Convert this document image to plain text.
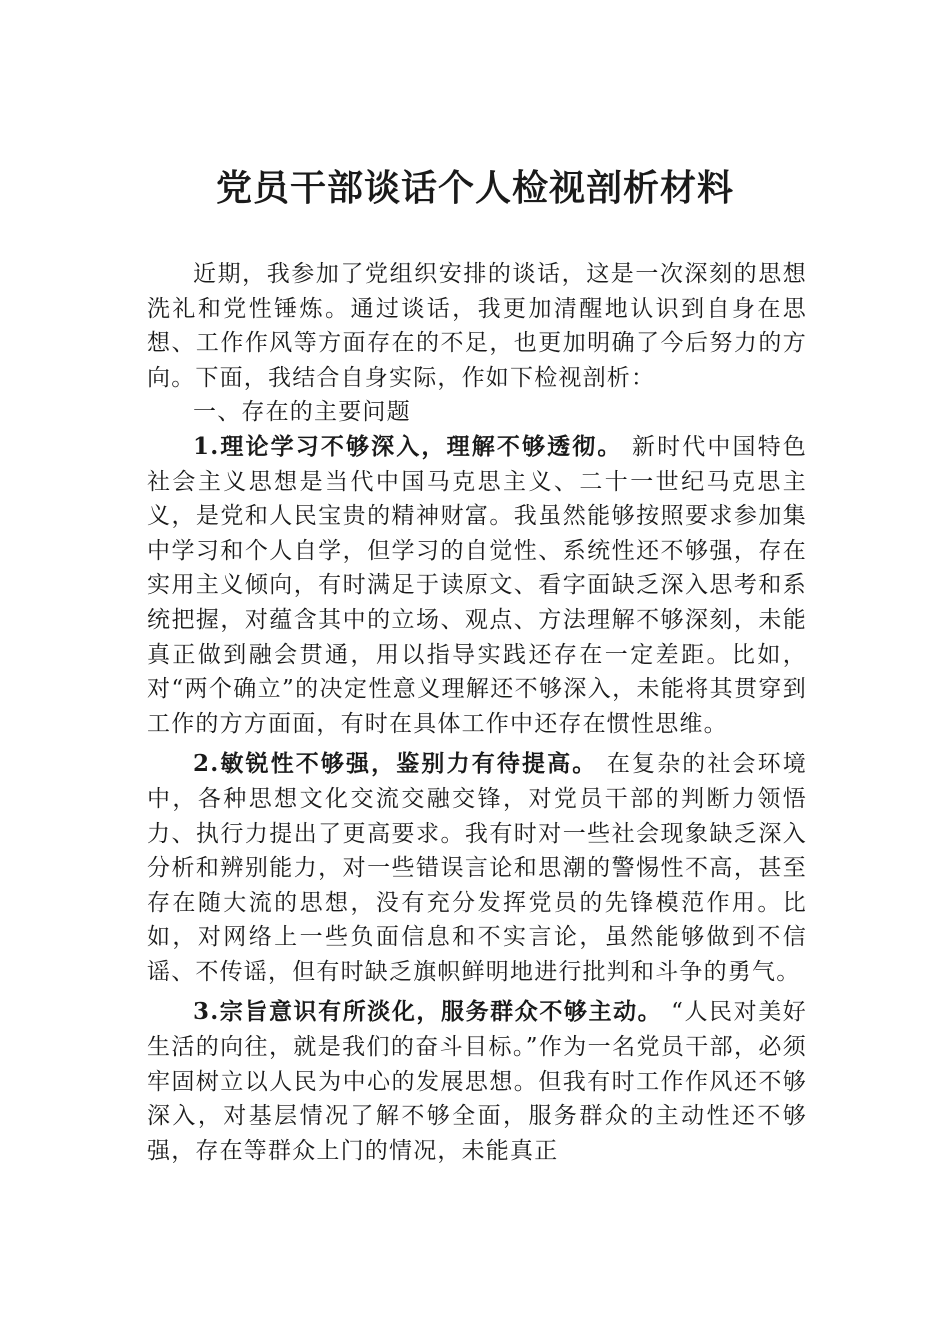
党员干部谈话个人检视剖析材料

近期，我参加了党组织安排的谈话，这是一次深刻的思想洗礼和党性锤炼。通过谈话，我更加清醒地认识到自身在思想、工作作风等方面存在的不足，也更加明确了今后努力的方向。下面，我结合自身实际，作如下检视剖析：

一、存在的主要问题

1.理论学习不够深入，理解不够透彻。 新时代中国特色社会主义思想是当代中国马克思主义、二十一世纪马克思主义，是党和人民宝贵的精神财富。我虽然能够按照要求参加集中学习和个人自学，但学习的自觉性、系统性还不够强，存在实用主义倾向，有时满足于读原文、看字面缺乏深入思考和系统把握，对蕴含其中的立场、观点、方法理解不够深刻，未能真正做到融会贯通，用以指导实践还存在一定差距。比如，对“两个确立”的决定性意义理解还不够深入，未能将其贯穿到工作的方方面面，有时在具体工作中还存在惯性思维。

2.敏锐性不够强，鉴别力有待提高。 在复杂的社会环境中，各种思想文化交流交融交锋，对党员干部的判断力领悟力、执行力提出了更高要求。我有时对一些社会现象缺乏深入分析和辨别能力，对一些错误言论和思潮的警惕性不高，甚至存在随大流的思想，没有充分发挥党员的先锋模范作用。比如，对网络上一些负面信息和不实言论，虽然能够做到不信谣、不传谣，但有时缺乏旗帜鲜明地进行批判和斗争的勇气。

3.宗旨意识有所淡化，服务群众不够主动。 “人民对美好生活的向往，就是我们的奋斗目标。”作为一名党员干部，必须牢固树立以人民为中心的发展思想。但我有时工作作风还不够深入，对基层情况了解不够全面，服务群众的主动性还不够强，存在等群众上门的情况，未能真正
